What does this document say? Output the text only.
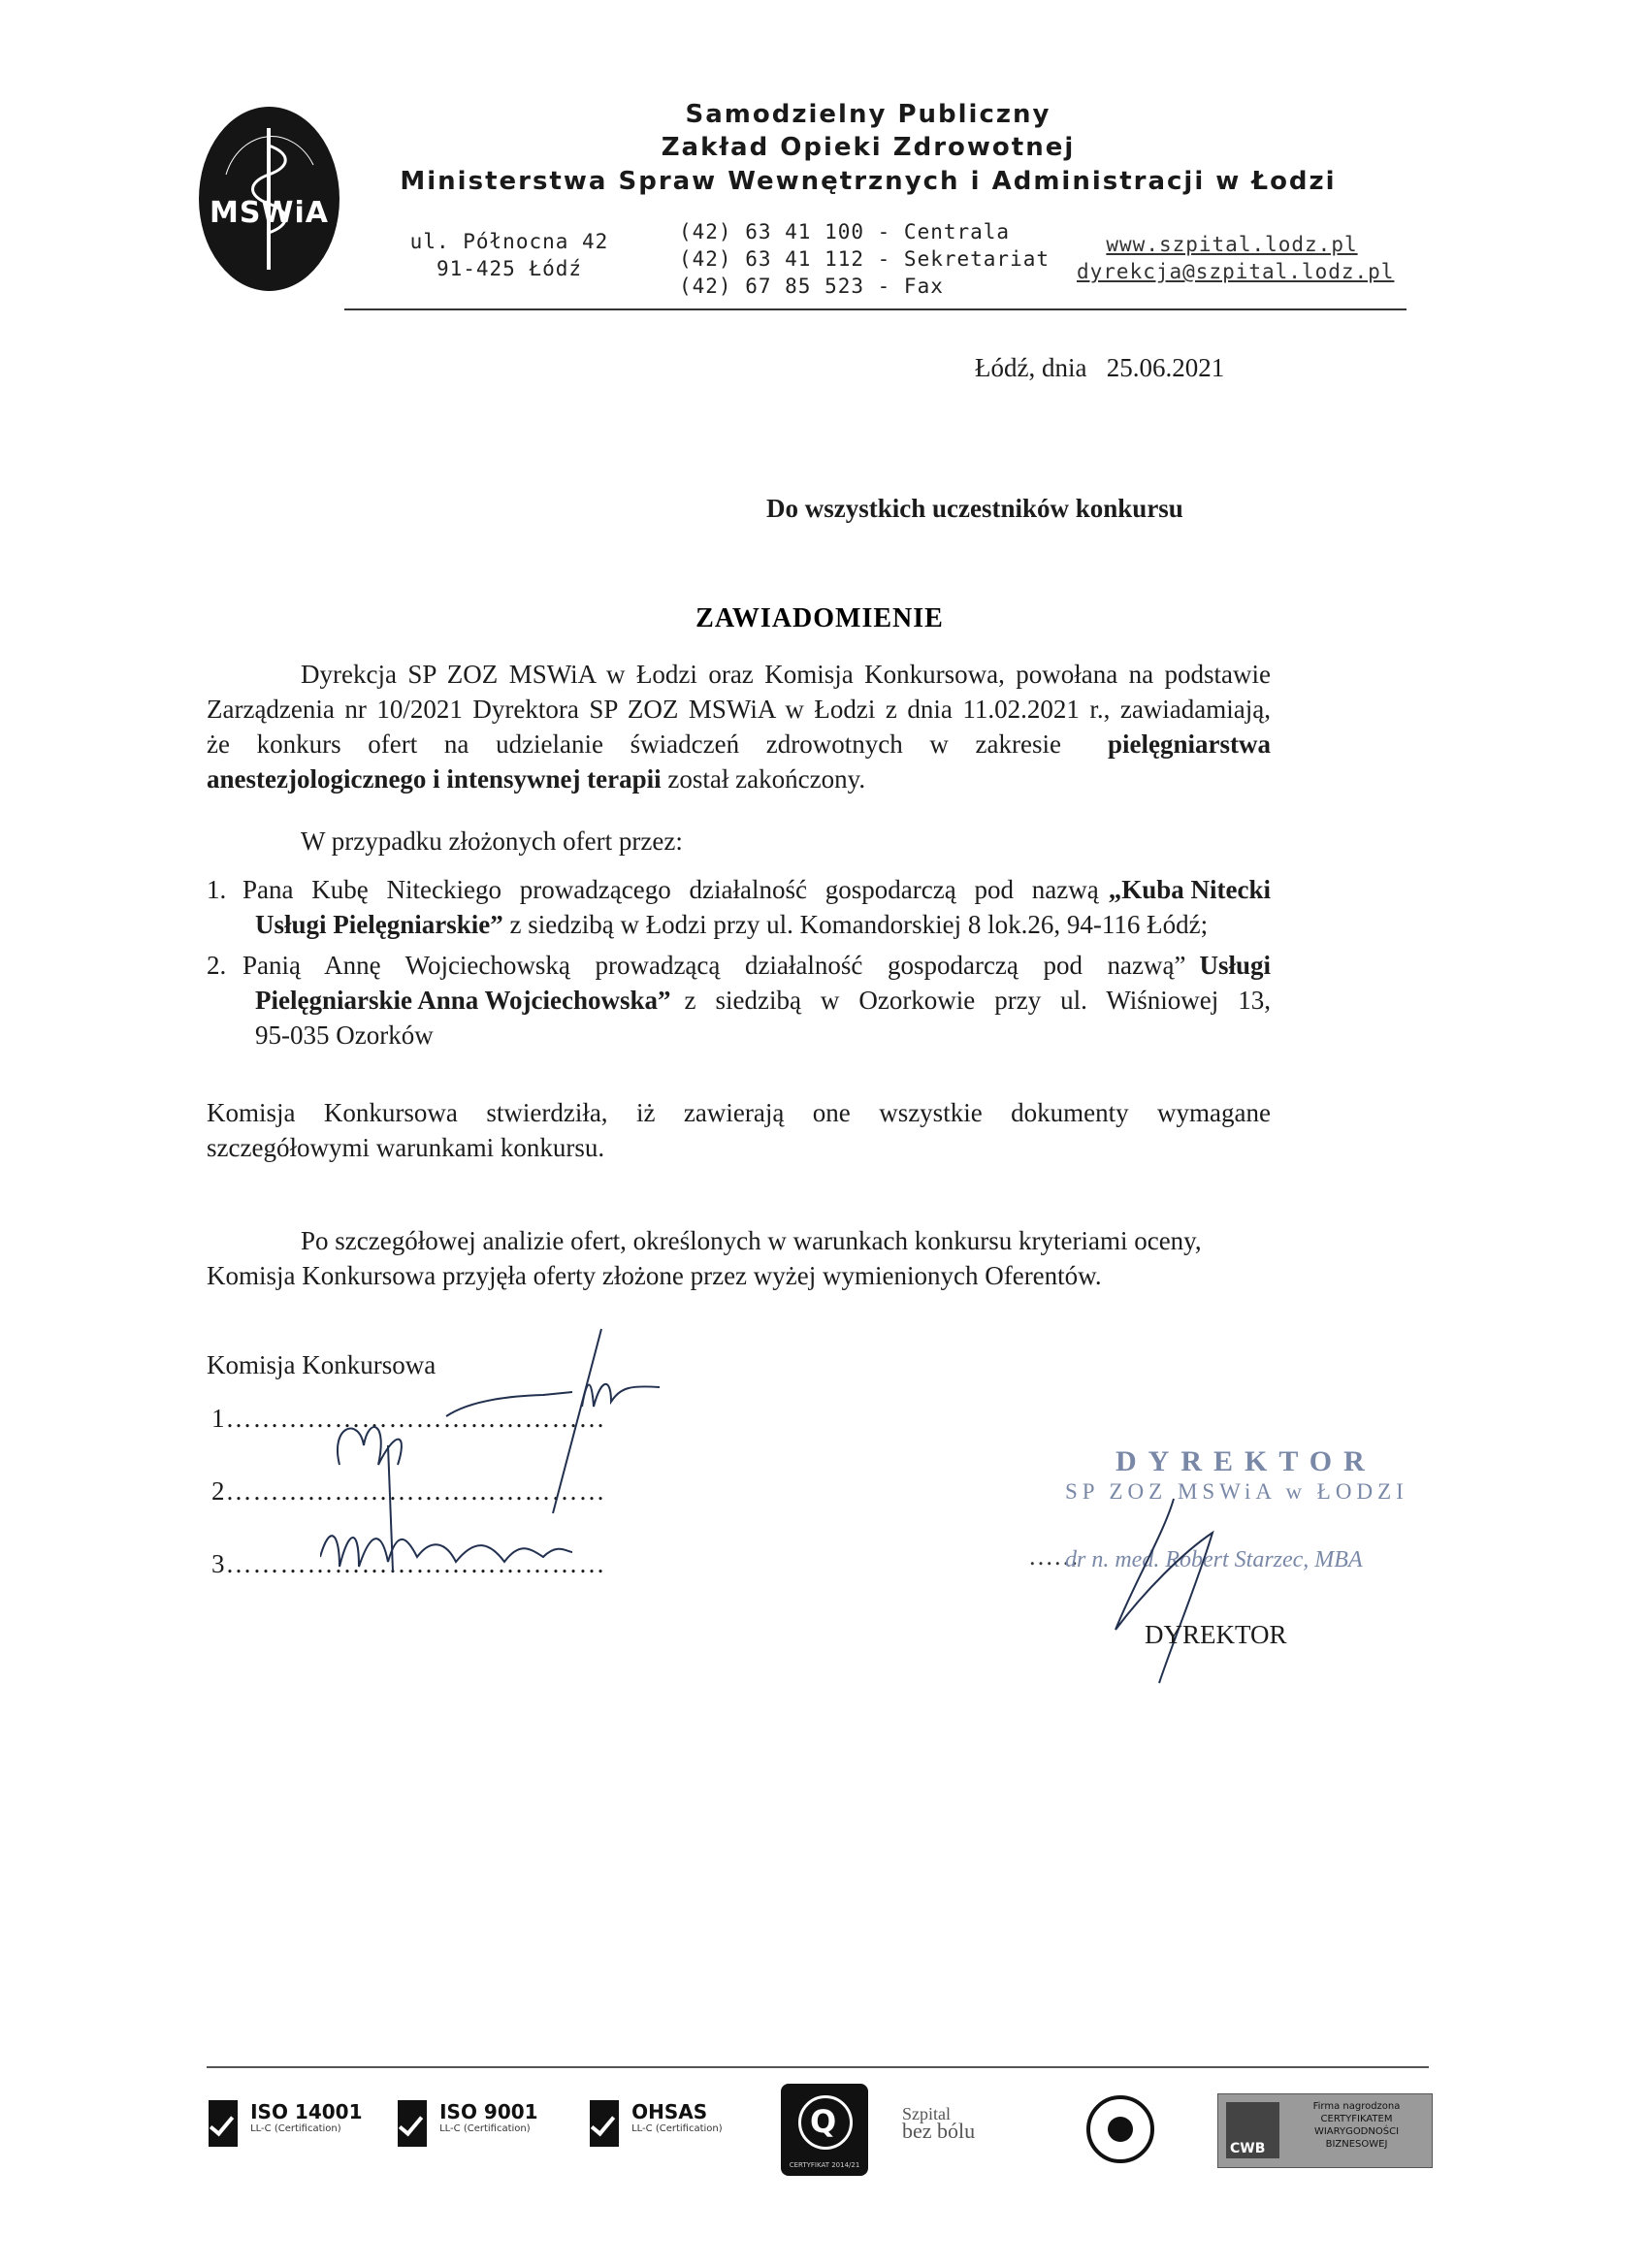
MSWiA
Samodzielny Publiczny
Zakład Opieki Zdrowotnej
Ministerstwa Spraw Wewnętrznych i Administracji w Łodzi
ul. Północna 42
91-425 Łódź
(42) 63 41 100 - Centrala
(42) 63 41 112 - Sekretariat
(42) 67 85 523 - Fax
www.szpital.lodz.pl
dyrekcja@szpital.lodz.pl
Łódź, dnia   25.06.2021
Do wszystkich uczestników konkursu
ZAWIADOMIENIE
Dyrekcja SP ZOZ MSWiA w Łodzi oraz Komisja Konkursowa, powołana na podstawie
Zarządzenia nr 10/2021 Dyrektora SP ZOZ MSWiA w Łodzi z dnia 11.02.2021 r., zawiadamiają,
że konkurs ofert na udzielanie świadczeń zdrowotnych w zakresie pielęgniarstwa
anestezjologicznego i intensywnej terapii został zakończony.
W przypadku złożonych ofert przez:
1. Pana Kubę Niteckiego prowadzącego działalność gospodarczą pod nazwą „Kuba Nitecki
Usługi Pielęgniarskie” z siedzibą w Łodzi przy ul. Komandorskiej 8 lok.26, 94-116 Łódź;
2. Panią Annę Wojciechowską prowadzącą działalność gospodarczą pod nazwą” Usługi
Pielęgniarskie Anna Wojciechowska” z siedzibą w Ozorkowie przy ul. Wiśniowej 13,
95-035 Ozorków
Komisja Konkursowa stwierdziła, iż zawierają one wszystkie dokumenty wymagane
szczegółowymi warunkami konkursu.
Po szczegółowej analizie ofert, określonych w warunkach konkursu kryteriami oceny,
Komisja Konkursowa przyjęła oferty złożone przez wyżej wymienionych Oferentów.
Komisja Konkursowa
1……………………………………
2……………………………………
3……………………………………
DYREKTOR
SP ZOZ MSWiA w ŁODZI
……
dr n. med. Robert Starzec, MBA
DYREKTOR

ISO 14001
LL-C (Certification)

ISO 9001
LL-C (Certification)

OHSAS
LL-C (Certification)	Q
CERTYFIKAT 2014/21
Szpital
bez bólu
CWB
Firma nagrodzona
CERTYFIKATEM
WIARYGODNOŚCI
BIZNESOWEJ
